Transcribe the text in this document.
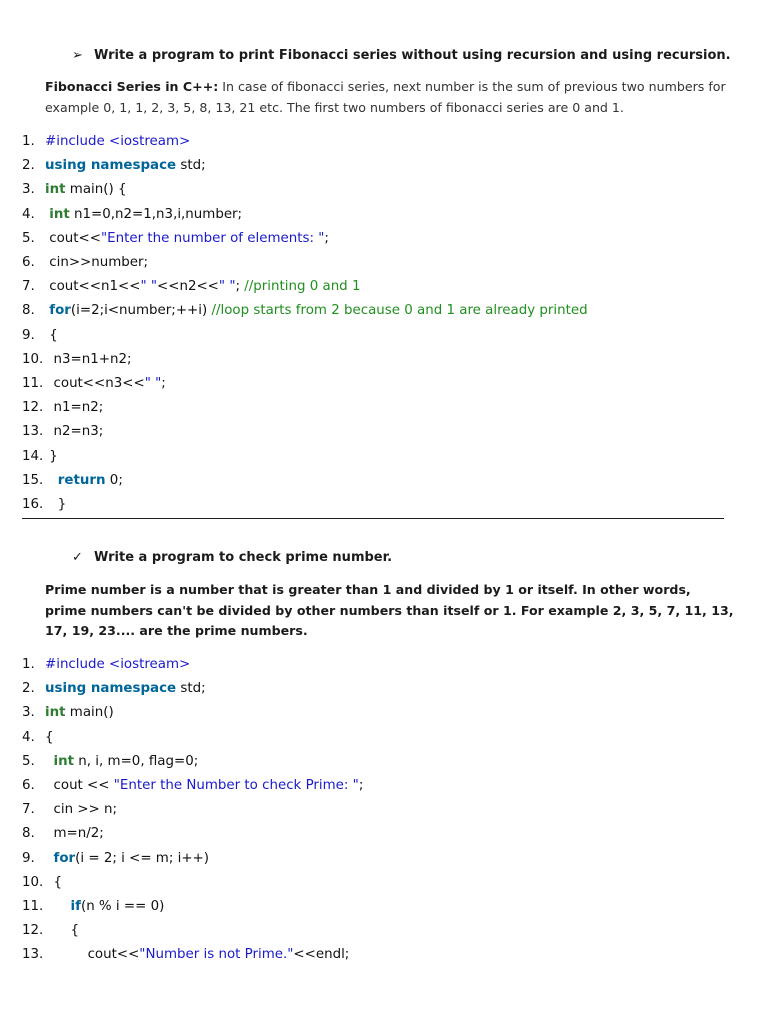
➢ Write a program to print Fibonacci series without using recursion and using recursion.
Fibonacci Series in C++: In case of fibonacci series, next number is the sum of previous two numbers for example 0, 1, 1, 2, 3, 5, 8, 13, 21 etc. The first two numbers of fibonacci series are 0 and 1.
1. #include <iostream>
2. using namespace std;
3. int main() {
4.	int n1=0,n2=1,n3,i,number;
5. cout<<"Enter the number of elements: ";
6. cin>>number;
7. cout<<n1<<" "<<n2<<" "; //printing 0 and 1
8.	for(i=2;i<number;++i) //loop starts from 2 because 0 and 1 are already printed
9. {
10. n3=n1+n2;
11. cout<<n3<<" ";
12. n1=n2;
13. n2=n3;
14. }
15.	return 0;
16. }
✓ Write a program to check prime number.
Prime number is a number that is greater than 1 and divided by 1 or itself. In other words, prime numbers can't be divided by other numbers than itself or 1. For example 2, 3, 5, 7, 11, 13, 17, 19, 23.... are the prime numbers.
1. #include <iostream>
2. using namespace std;
3. int main()
4. {
5.	int n, i, m=0, flag=0;
6. cout << "Enter the Number to check Prime: ";
7. cin >> n;
8. m=n/2;
9.	for(i = 2; i <= m; i++)
10. {
11.	if(n % i == 0)
12. {
13. cout<<"Number is not Prime."<<endl;
